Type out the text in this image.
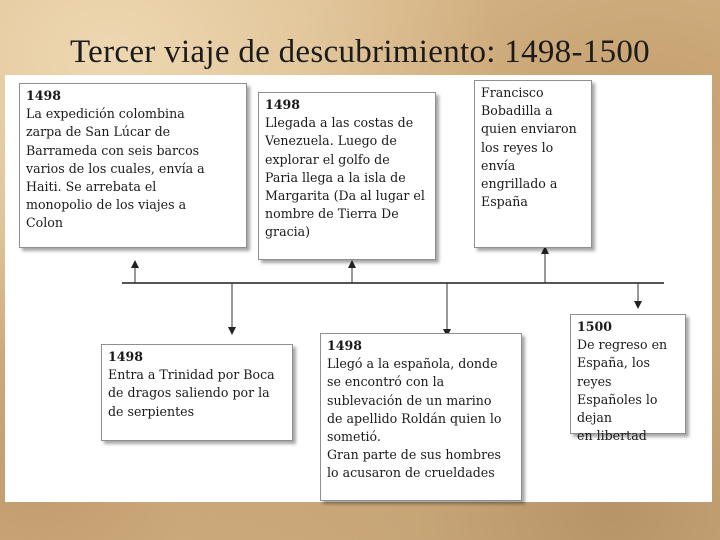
Tercer viaje de descubrimiento: 1498-1500
1498
La expedición colombina
zarpa de San Lúcar de
Barrameda con seis barcos
varios de los cuales, envía a
Haiti. Se arrebata el
monopolio de los viajes a
Colon
1498
Llegada a las costas de
Venezuela. Luego de
explorar el golfo de
Paria llega a la isla de
Margarita (Da al lugar el
nombre de Tierra De
gracia)
Francisco
Bobadilla a
quien enviaron
los reyes lo
envía
engrillado a
España
1498
Entra a Trinidad por Boca
de dragos saliendo por la
de serpientes
1498
Llegó a la española, donde
se encontró con la
sublevación de un marino
de apellido Roldán quien lo
sometió.
Gran parte de sus hombres
lo acusaron de crueldades
1500
De regreso en
España, los reyes
Españoles lo dejan
en libertad
